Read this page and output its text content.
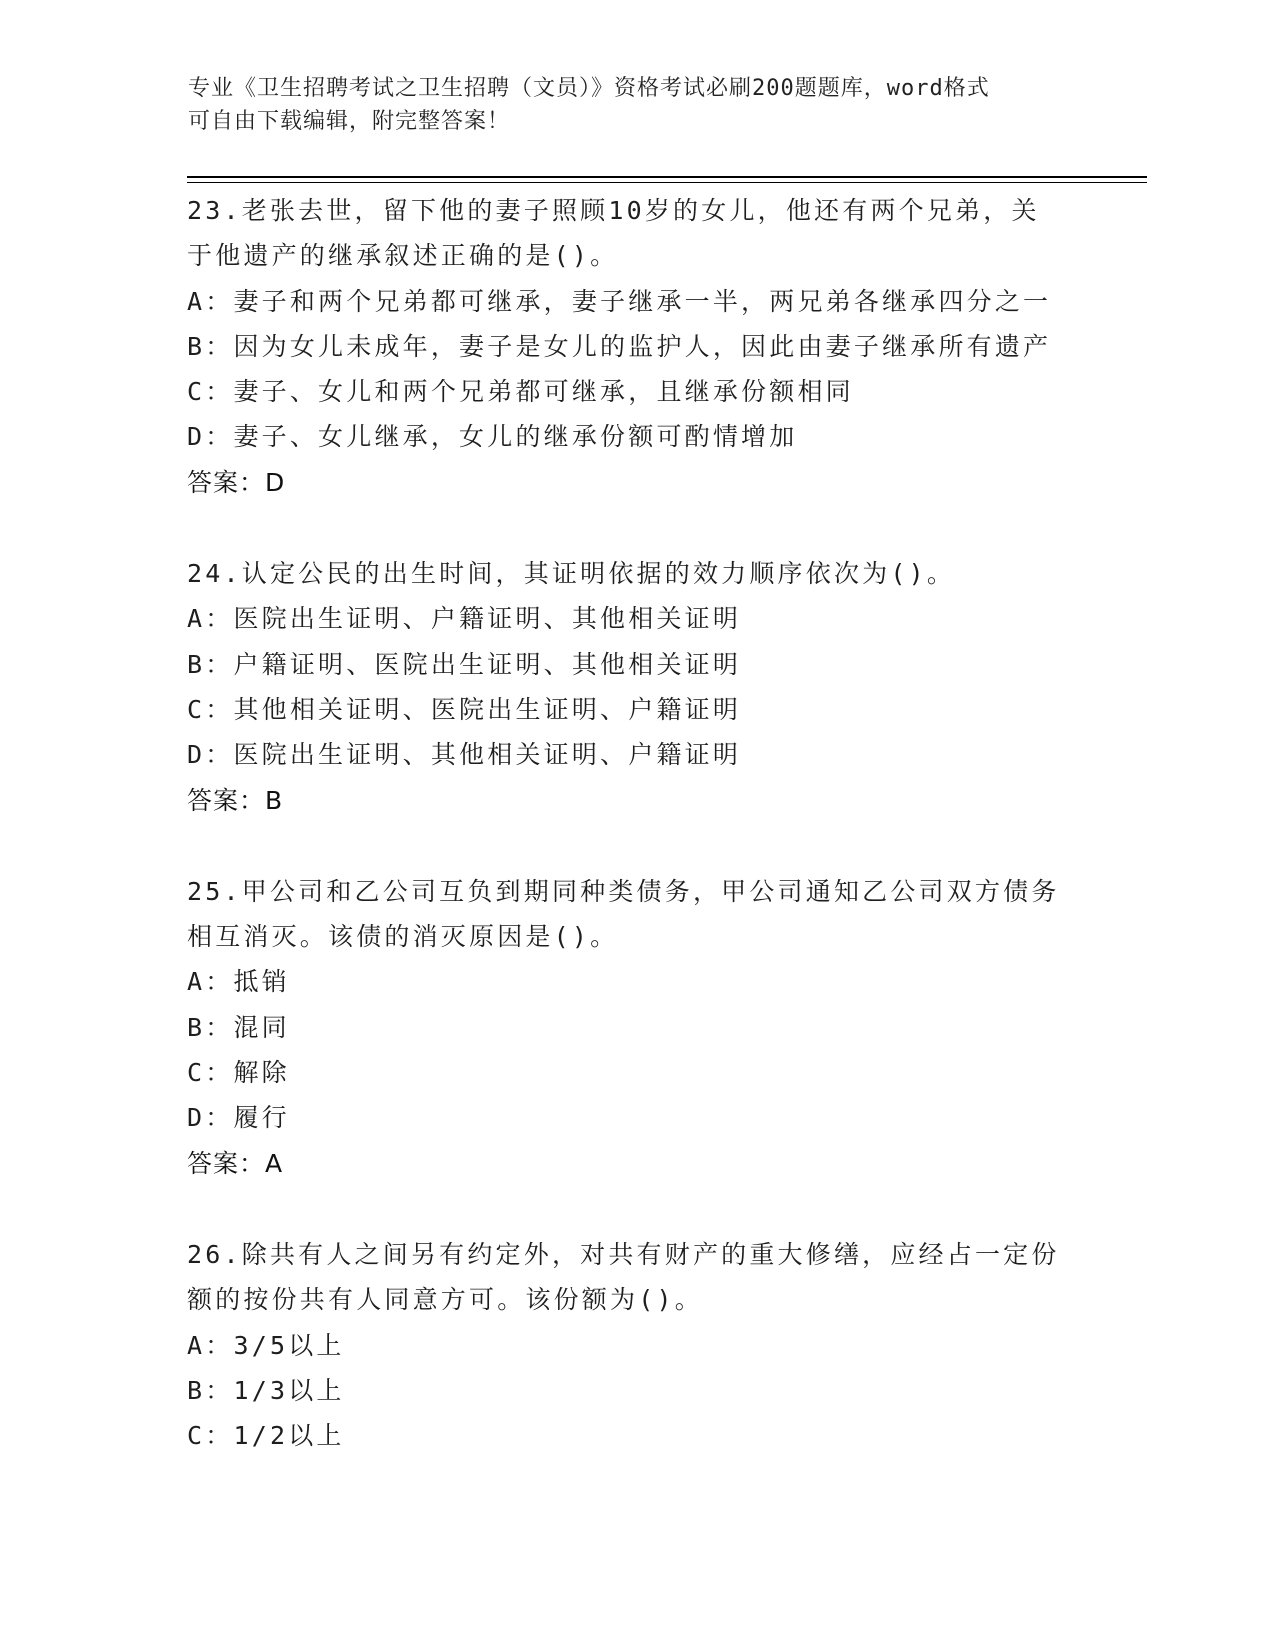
专业《卫生招聘考试之卫生招聘（文员）》资格考试必刷200题题库，word格式
可自由下载编辑，附完整答案！
23.老张去世，留下他的妻子照顾10岁的女儿，他还有两个兄弟，关
于他遗产的继承叙述正确的是()。
A：妻子和两个兄弟都可继承，妻子继承一半，两兄弟各继承四分之一
B：因为女儿未成年，妻子是女儿的监护人，因此由妻子继承所有遗产
C：妻子、女儿和两个兄弟都可继承，且继承份额相同
D：妻子、女儿继承，女儿的继承份额可酌情增加
答案：D
24.认定公民的出生时间，其证明依据的效力顺序依次为()。
A：医院出生证明、户籍证明、其他相关证明
B：户籍证明、医院出生证明、其他相关证明
C：其他相关证明、医院出生证明、户籍证明
D：医院出生证明、其他相关证明、户籍证明
答案：B
25.甲公司和乙公司互负到期同种类债务，甲公司通知乙公司双方债务
相互消灭。该债的消灭原因是()。
A：抵销
B：混同
C：解除
D：履行
答案：A
26.除共有人之间另有约定外，对共有财产的重大修缮，应经占一定份
额的按份共有人同意方可。该份额为()。
A：3/5以上
B：1/3以上
C：1/2以上
